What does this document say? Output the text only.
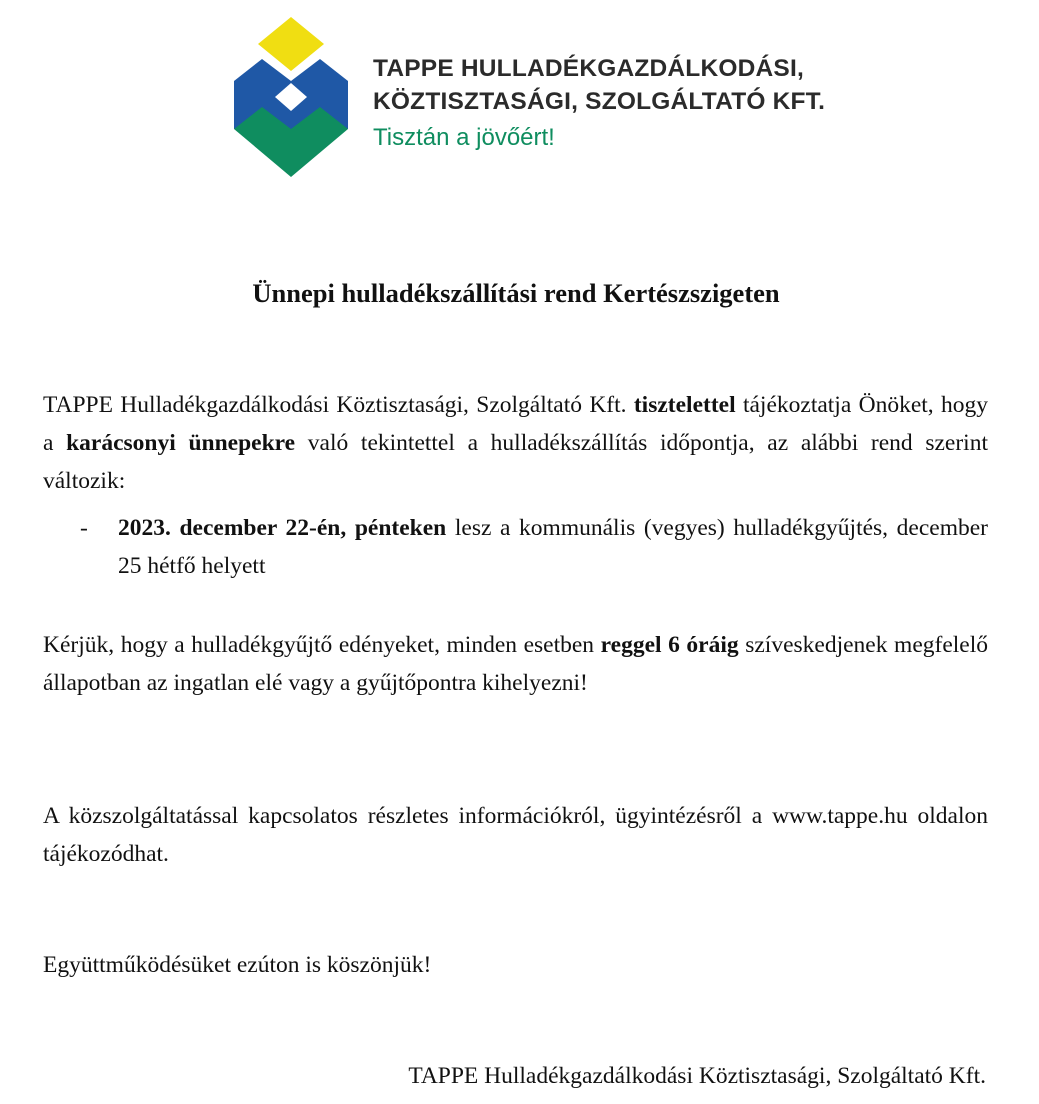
TAPPE HULLADÉKGAZDÁLKODÁSI,
KÖZTISZTASÁGI, SZOLGÁLTATÓ KFT.
Tisztán a jövőért!
Ünnepi hulladékszállítási rend Kertészszigeten

TAPPE Hulladékgazdálkodási Köztisztasági, Szolgáltató Kft. tisztelettel tájékoztatja Önöket, hogy a karácsonyi ünnepekre való tekintettel a hulladékszállítás időpontja, az alábbi rend szerint változik:

- 2023. december 22-én, pénteken lesz a kommunális (vegyes) hulladékgyűjtés, december 25 hétfő helyett

Kérjük, hogy a hulladékgyűjtő edényeket, minden esetben reggel 6 óráig szíveskedjenek megfelelő állapotban az ingatlan elé vagy a gyűjtőpontra kihelyezni!

A közszolgáltatással kapcsolatos részletes információkról, ügyintézésről a www.tappe.hu oldalon tájékozódhat.

Együttműködésüket ezúton is köszönjük!

TAPPE Hulladékgazdálkodási Köztisztasági, Szolgáltató Kft.
